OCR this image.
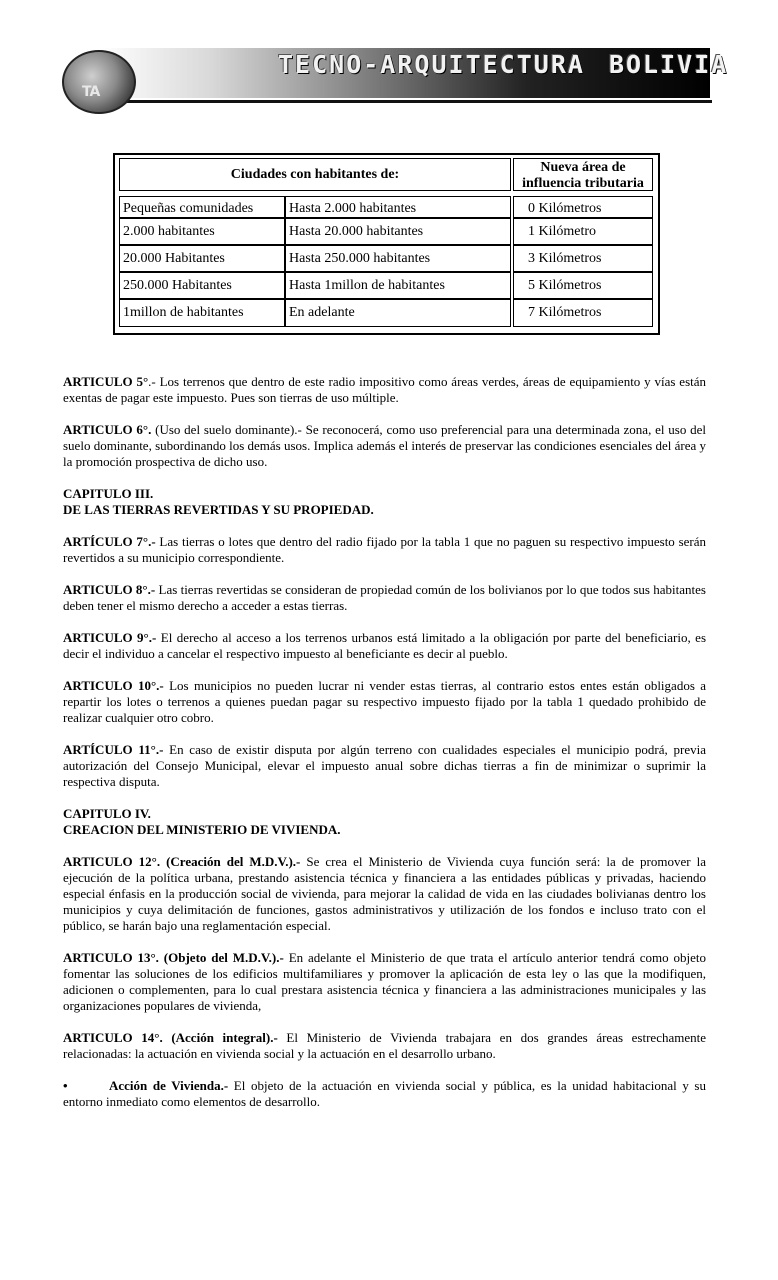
TA
TECNO-ARQUITECTURA BOLIVIA
Ciudades con habitantes de:	Nueva área de
influencia tributaria
Pequeñas comunidades	Hasta 2.000 habitantes	0 Kilómetros
2.000 habitantes	Hasta 20.000 habitantes	1 Kilómetro
20.000 Habitantes	Hasta 250.000 habitantes	3 Kilómetros
250.000 Habitantes	Hasta 1millon de habitantes	5 Kilómetros
1millon de habitantes	En adelante	7 Kilómetros

ARTICULO 5°.- Los terrenos que dentro de este radio impositivo como áreas verdes, áreas de equipamiento y vías están exentas de pagar este impuesto. Pues son tierras de uso múltiple.

ARTICULO 6°. (Uso del suelo dominante).- Se reconocerá, como uso preferencial para una determinada zona, el uso del suelo dominante, subordinando los demás usos. Implica además el interés de preservar las condiciones esenciales del área y la promoción prospectiva de dicho uso.

CAPITULO III.
DE LAS TIERRAS REVERTIDAS Y SU PROPIEDAD.

ARTÍCULO 7°.- Las tierras o lotes que dentro del radio fijado por la tabla 1 que no paguen su respectivo impuesto serán revertidos a su municipio correspondiente.

ARTICULO 8°.- Las tierras revertidas se consideran de propiedad común de los bolivianos por lo que todos sus habitantes deben tener el mismo derecho a acceder a estas tierras.

ARTICULO 9°.- El derecho al acceso a los terrenos urbanos está limitado a la obligación por parte del beneficiario, es decir el individuo a cancelar el respectivo impuesto al beneficiante es decir al pueblo.

ARTICULO 10°.- Los municipios no pueden lucrar ni vender estas tierras, al contrario estos entes están obligados a repartir los lotes o terrenos a quienes puedan pagar su respectivo impuesto fijado por la tabla 1 quedado prohibido de realizar cualquier otro cobro.

ARTÍCULO 11°.- En caso de existir disputa por algún terreno con cualidades especiales el municipio podrá, previa autorización del Consejo Municipal, elevar el impuesto anual sobre dichas tierras a fin de minimizar o suprimir la respectiva disputa.

CAPITULO IV.
CREACION DEL MINISTERIO DE VIVIENDA.

ARTICULO 12°. (Creación del M.D.V.).- Se crea el Ministerio de Vivienda cuya función será: la de promover la ejecución de la política urbana, prestando asistencia técnica y financiera a las entidades públicas y privadas, haciendo especial énfasis en la producción social de vivienda, para mejorar la calidad de vida en las ciudades bolivianas dentro los municipios y cuya delimitación de funciones, gastos administrativos y utilización de los fondos e incluso trato con el público, se harán bajo una reglamentación especial.

ARTICULO 13°. (Objeto del M.D.V.).- En adelante el Ministerio de que trata el artículo anterior tendrá como objeto fomentar las soluciones de los edificios multifamiliares y promover la aplicación de esta ley o las que la modifiquen, adicionen o complementen, para lo cual prestara asistencia técnica y financiera a las administraciones municipales y las organizaciones populares de vivienda,

ARTICULO 14°. (Acción integral).- El Ministerio de Vivienda trabajara en dos grandes áreas estrechamente relacionadas: la actuación en vivienda social y la actuación en el desarrollo urbano.

•	Acción de Vivienda.- El objeto de la actuación en vivienda social y pública, es la unidad habitacional y su entorno inmediato como elementos de desarrollo.
